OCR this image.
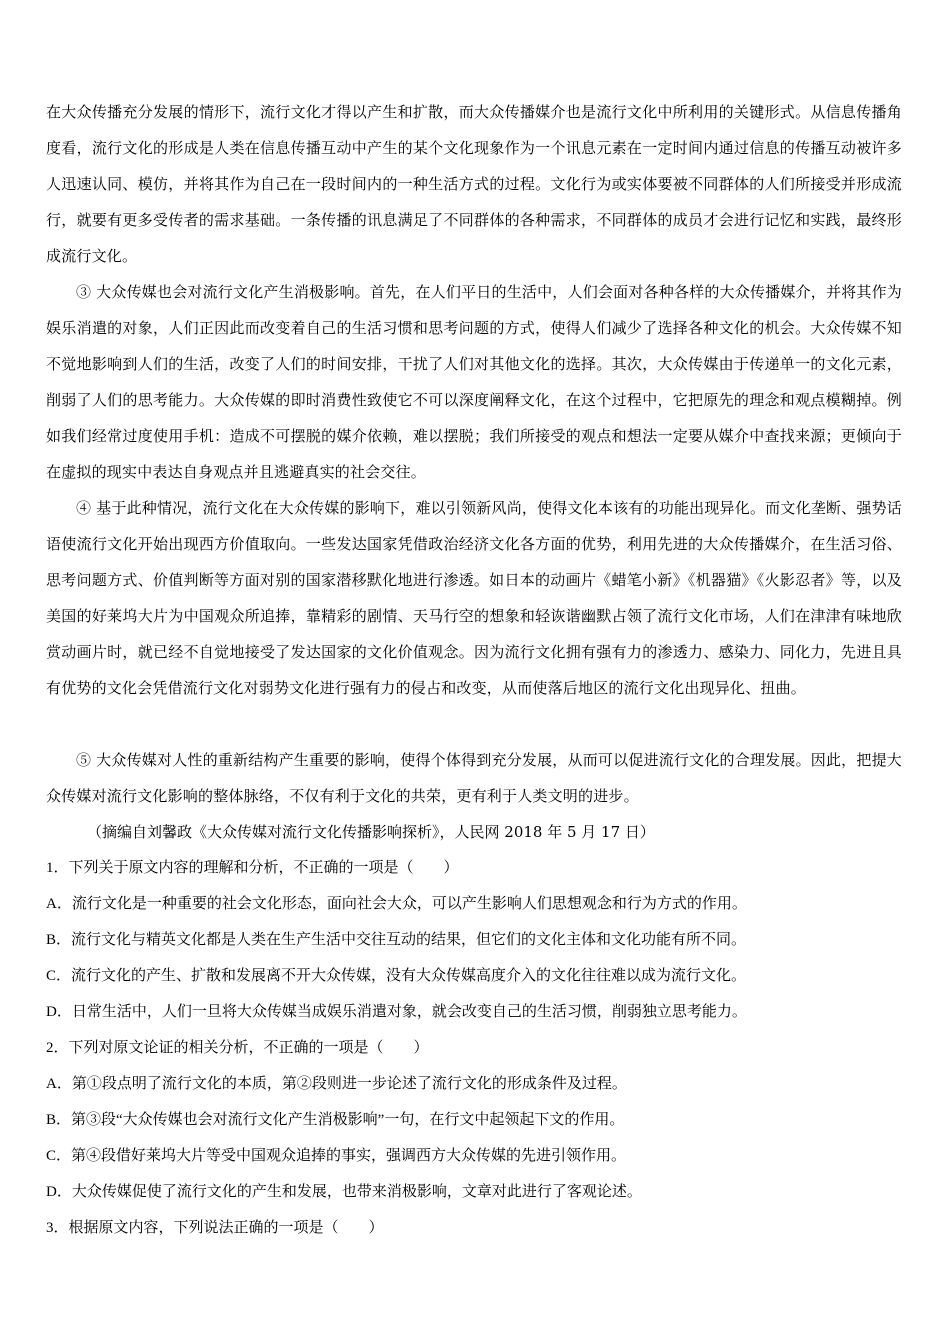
在大众传播充分发展的情形下，流行文化才得以产生和扩散，而大众传播媒介也是流行文化中所利用的关键形式。从信息传播角度看，流行文化的形成是人类在信息传播互动中产生的某个文化现象作为一个讯息元素在一定时间内通过信息的传播互动被许多人迅速认同、模仿，并将其作为自己在一段时间内的一种生活方式的过程。文化行为或实体要被不同群体的人们所接受并形成流行，就要有更多受传者的需求基础。一条传播的讯息满足了不同群体的各种需求，不同群体的成员才会进行记忆和实践，最终形成流行文化。

③ 大众传媒也会对流行文化产生消极影响。首先，在人们平日的生活中，人们会面对各种各样的大众传播媒介，并将其作为娱乐消遣的对象，人们正因此而改变着自己的生活习惯和思考问题的方式，使得人们减少了选择各种文化的机会。大众传媒不知不觉地影响到人们的生活，改变了人们的时间安排，干扰了人们对其他文化的选择。其次，大众传媒由于传递单一的文化元素，削弱了人们的思考能力。大众传媒的即时消费性致使它不可以深度阐释文化，在这个过程中，它把原先的理念和观点模糊掉。例如我们经常过度使用手机：造成不可摆脱的媒介依赖，难以摆脱；我们所接受的观点和想法一定要从媒介中查找来源；更倾向于在虚拟的现实中表达自身观点并且逃避真实的社会交往。

④ 基于此种情况，流行文化在大众传媒的影响下，难以引领新风尚，使得文化本该有的功能出现异化。而文化垄断、强势话语使流行文化开始出现西方价值取向。一些发达国家凭借政治经济文化各方面的优势，利用先进的大众传播媒介，在生活习俗、思考问题方式、价值判断等方面对别的国家潜移默化地进行渗透。如日本的动画片《蜡笔小新》《机器猫》《火影忍者》等，以及美国的好莱坞大片为中国观众所追捧，靠精彩的剧情、天马行空的想象和轻诙谐幽默占领了流行文化市场，人们在津津有味地欣赏动画片时，就已经不自觉地接受了发达国家的文化价值观念。因为流行文化拥有强有力的渗透力、感染力、同化力，先进且具有优势的文化会凭借流行文化对弱势文化进行强有力的侵占和改变，从而使落后地区的流行文化出现异化、扭曲。

⑤ 大众传媒对人性的重新结构产生重要的影响，使得个体得到充分发展，从而可以促进流行文化的合理发展。因此，把提大众传媒对流行文化影响的整体脉络，不仅有利于文化的共荣，更有利于人类文明的进步。

（摘编自刘馨政《大众传媒对流行文化传播影响探析》，人民网 2018 年 5 月 17 日）

1．下列关于原文内容的理解和分析，不正确的一项是（　　）

A．流行文化是一种重要的社会文化形态，面向社会大众，可以产生影响人们思想观念和行为方式的作用。

B．流行文化与精英文化都是人类在生产生活中交往互动的结果，但它们的文化主体和文化功能有所不同。

C．流行文化的产生、扩散和发展离不开大众传媒，没有大众传媒高度介入的文化往往难以成为流行文化。

D．日常生活中，人们一旦将大众传媒当成娱乐消遣对象，就会改变自己的生活习惯，削弱独立思考能力。

2．下列对原文论证的相关分析，不正确的一项是（　　）

A．第①段点明了流行文化的本质，第②段则进一步论述了流行文化的形成条件及过程。

B．第③段“大众传媒也会对流行文化产生消极影响”一句，在行文中起领起下文的作用。

C．第④段借好莱坞大片等受中国观众追捧的事实，强调西方大众传媒的先进引领作用。

D．大众传媒促使了流行文化的产生和发展，也带来消极影响，文章对此进行了客观论述。

3．根据原文内容，下列说法正确的一项是（　　）
